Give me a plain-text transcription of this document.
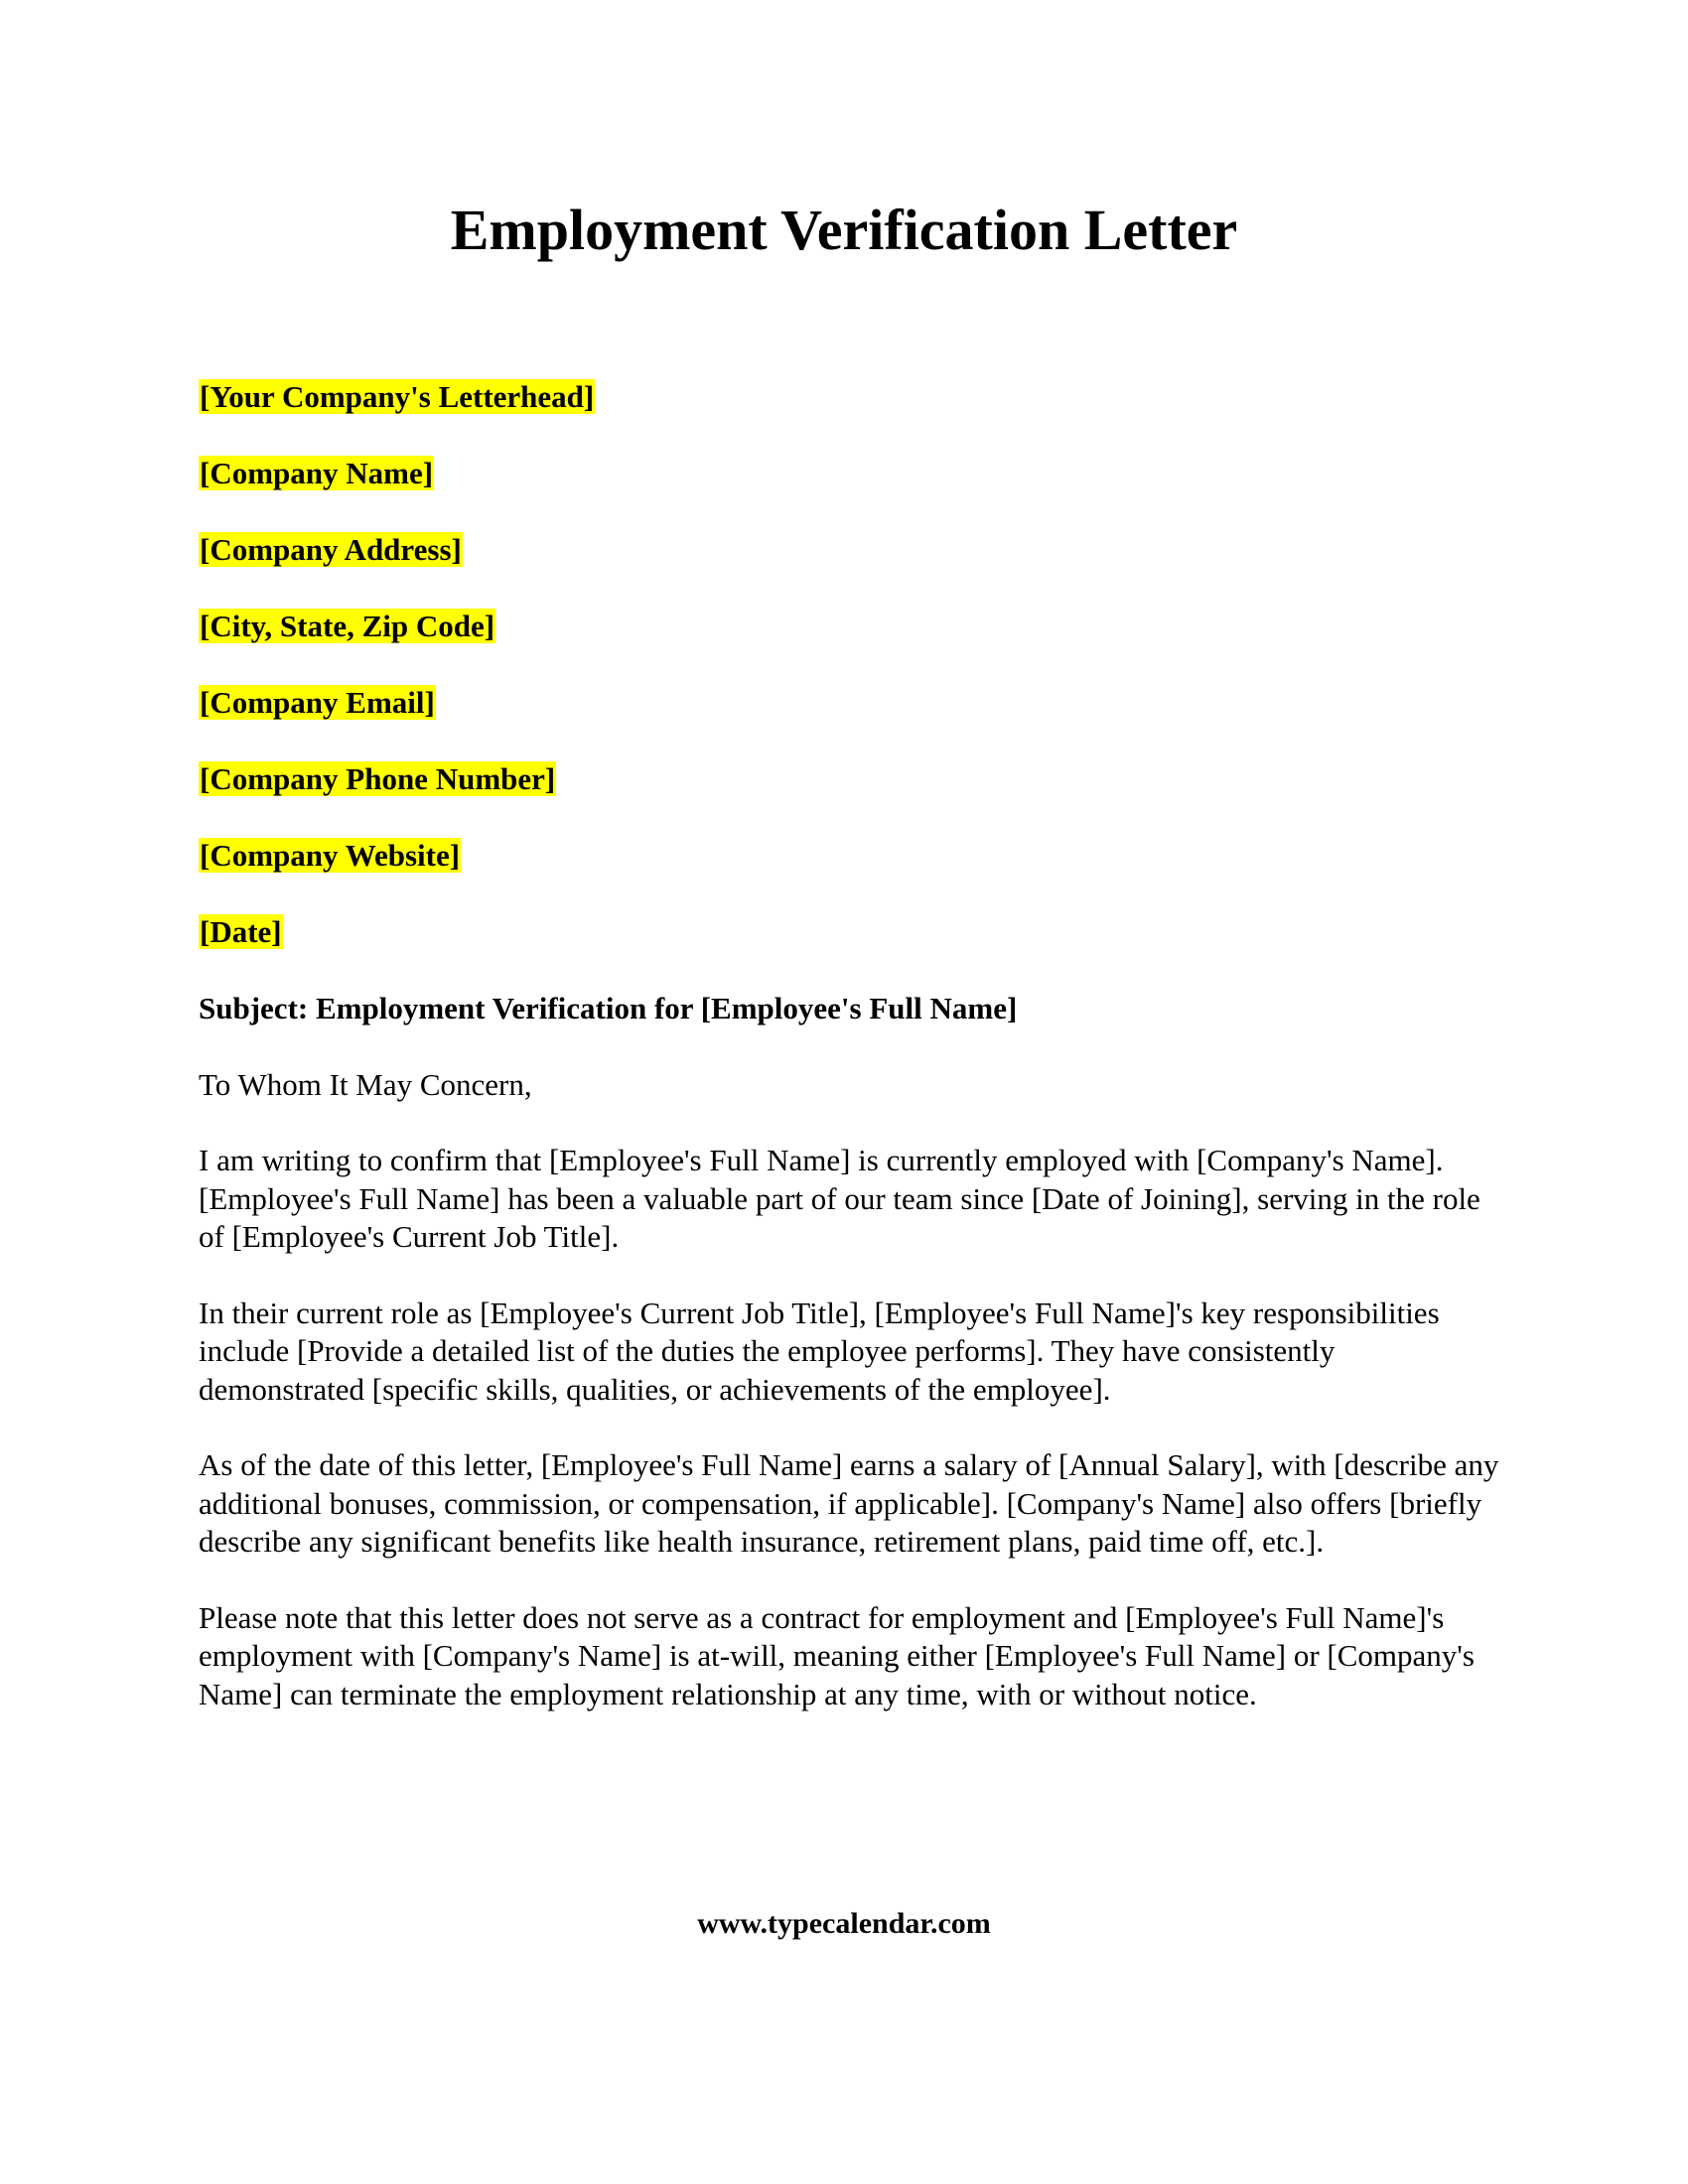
Employment Verification Letter

[Your Company's Letterhead]

[Company Name]

[Company Address]

[City, State, Zip Code]

[Company Email]

[Company Phone Number]

[Company Website]

[Date]

Subject: Employment Verification for [Employee's Full Name]

To Whom It May Concern,

I am writing to confirm that [Employee's Full Name] is currently employed with [Company's Name]. [Employee's Full Name] has been a valuable part of our team since [Date of Joining], serving in the role of [Employee's Current Job Title].

In their current role as [Employee's Current Job Title], [Employee's Full Name]'s key responsibilities include [Provide a detailed list of the duties the employee performs]. They have consistently demonstrated [specific skills, qualities, or achievements of the employee].

As of the date of this letter, [Employee's Full Name] earns a salary of [Annual Salary], with [describe any additional bonuses, commission, or compensation, if applicable]. [Company's Name] also offers [briefly describe any significant benefits like health insurance, retirement plans, paid time off, etc.].

Please note that this letter does not serve as a contract for employment and [Employee's Full Name]'s employment with [Company's Name] is at-will, meaning either [Employee's Full Name] or [Company's Name] can terminate the employment relationship at any time, with or without notice.

www.typecalendar.com
